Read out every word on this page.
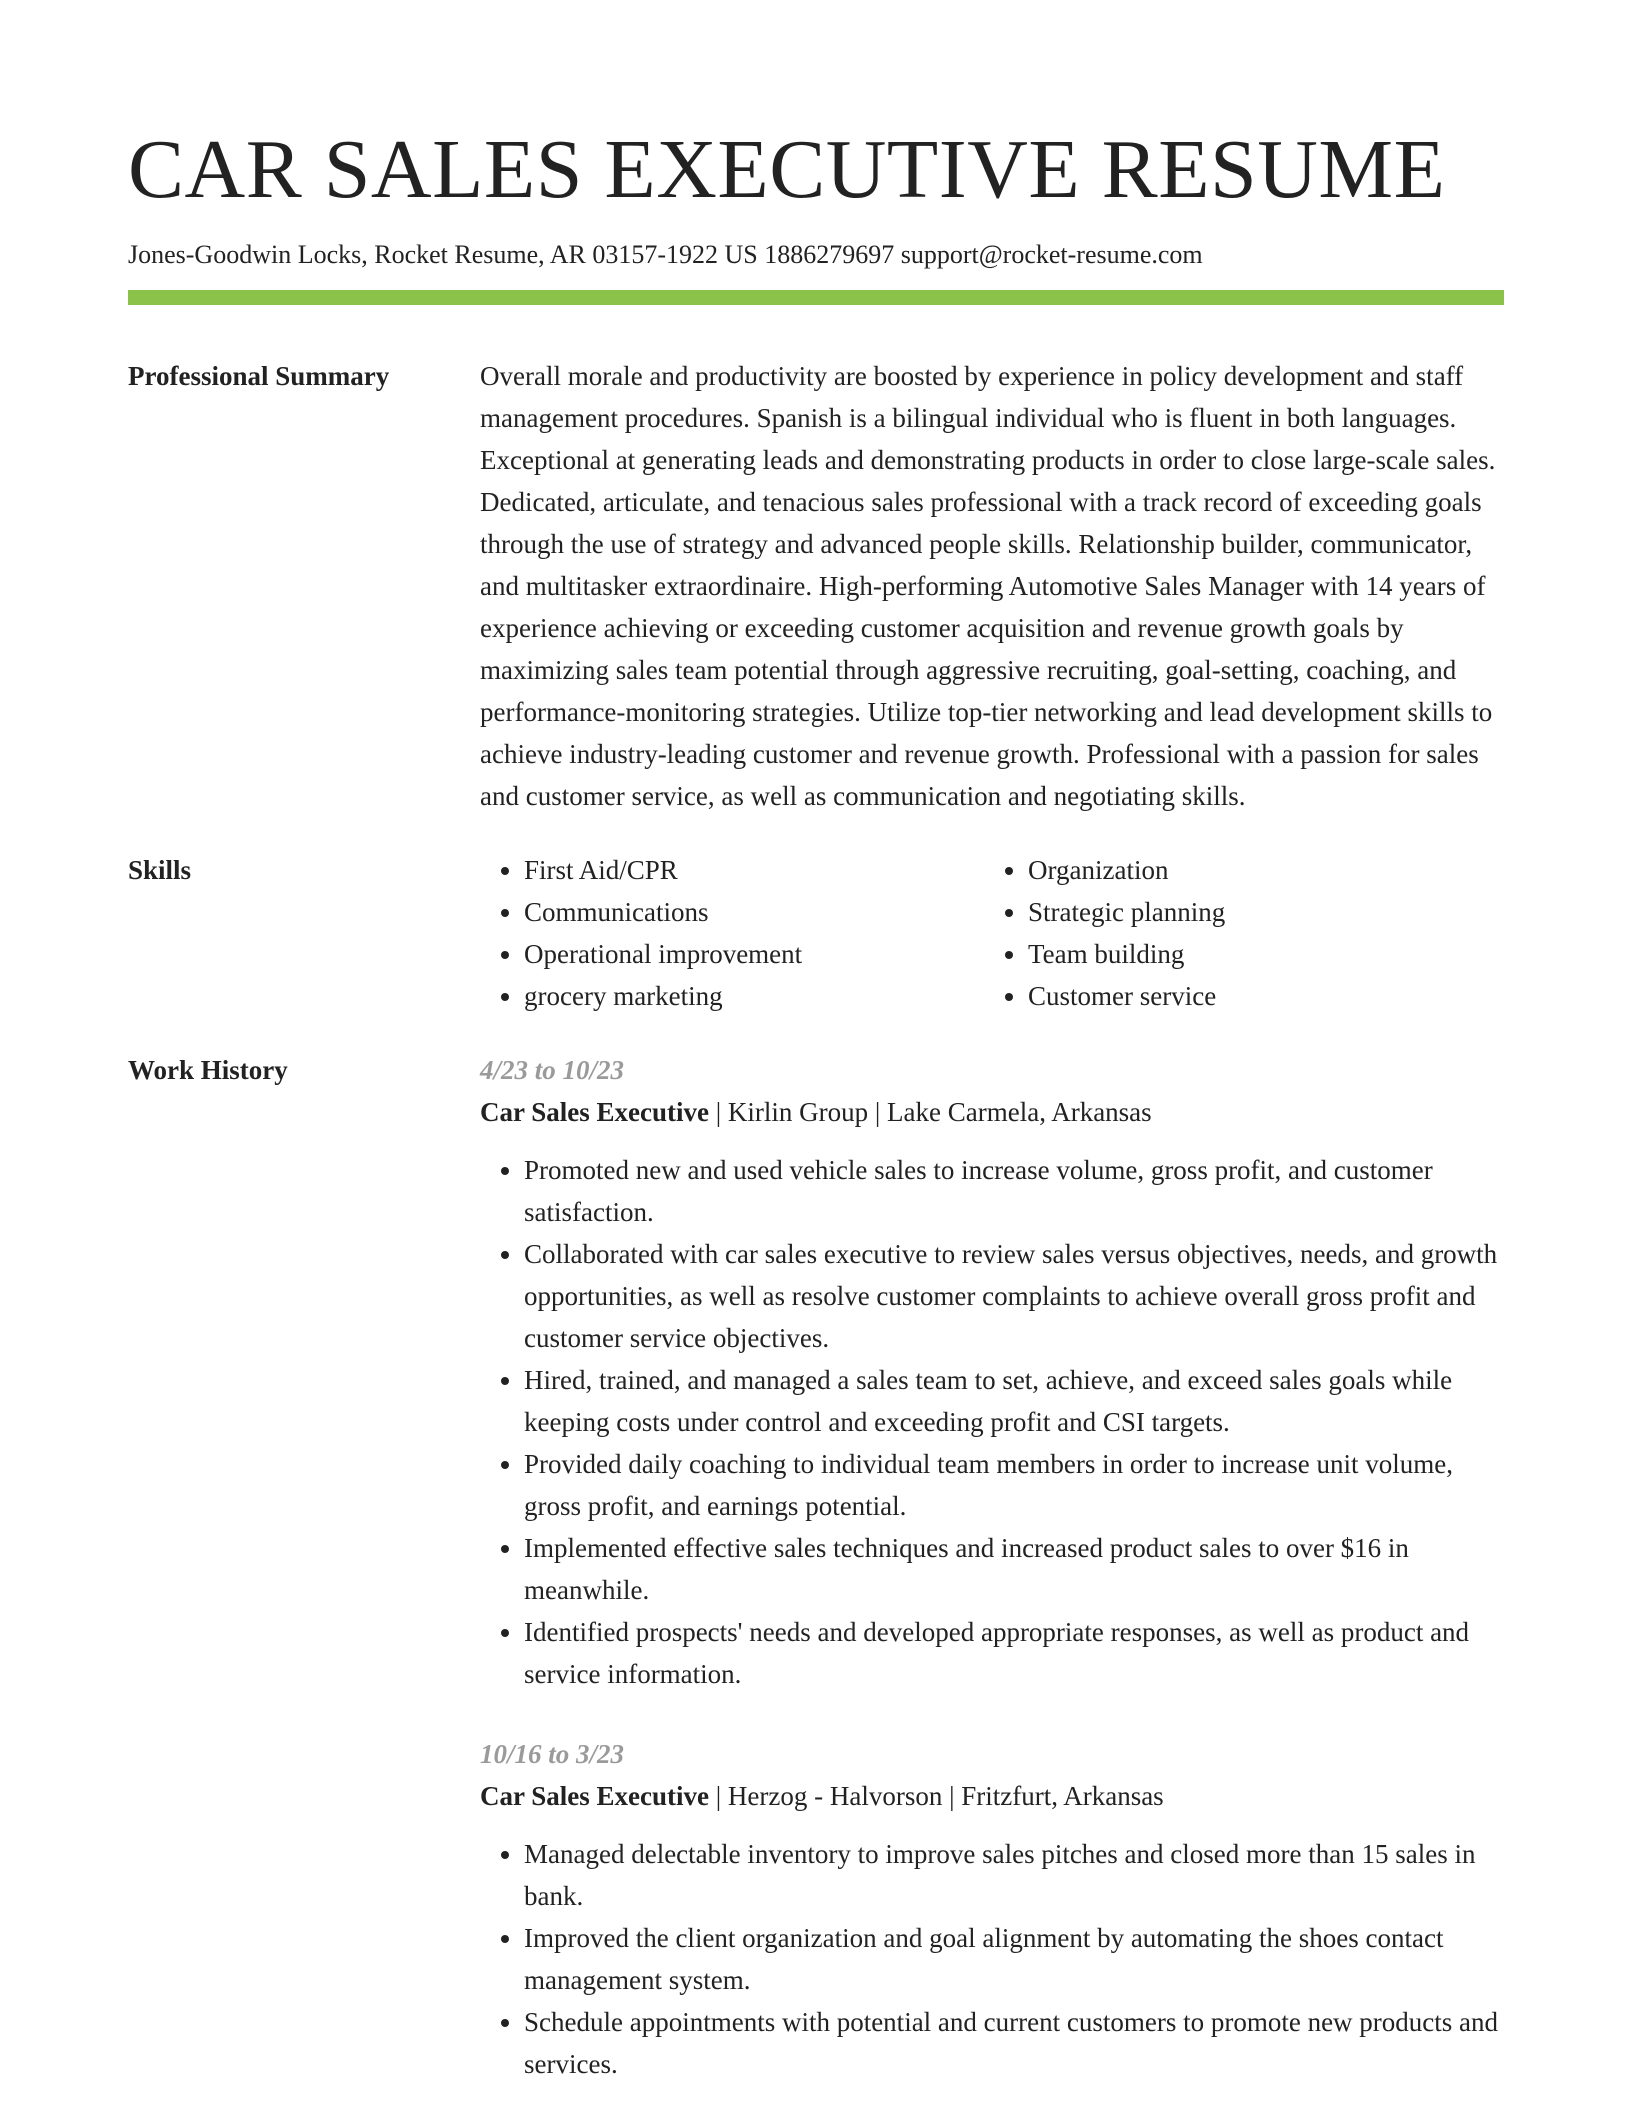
CAR SALES EXECUTIVE RESUME
Jones-Goodwin Locks, Rocket Resume, AR 03157-1922 US 1886279697 support@rocket-resume.com
Professional Summary	Overall morale and productivity are boosted by experience in policy development and staff management procedures. Spanish is a bilingual individual who is fluent in both languages. Exceptional at generating leads and demonstrating products in order to close large-scale sales. Dedicated, articulate, and tenacious sales professional with a track record of exceeding goals through the use of strategy and advanced people skills. Relationship builder, communicator, and multitasker extraordinaire. High-performing Automotive Sales Manager with 14 years of experience achieving or exceeding customer acquisition and revenue growth goals by maximizing sales team potential through aggressive recruiting, goal-setting, coaching, and performance-monitoring strategies. Utilize top-tier networking and lead development skills to achieve industry-leading customer and revenue growth. Professional with a passion for sales and customer service, as well as communication and negotiating skills.
Skills
•	First Aid/CPR
• Communications
• Operational improvement
• grocery marketing
• Organization
• Strategic planning
• Team building
• Customer service
Work History	4/23 to 10/23
Car Sales Executive | Kirlin Group | Lake Carmela, Arkansas
• Promoted new and used vehicle sales to increase volume, gross profit, and customer satisfaction.
• Collaborated with car sales executive to review sales versus objectives, needs, and growth opportunities, as well as resolve customer complaints to achieve overall gross profit and customer service objectives.
• Hired, trained, and managed a sales team to set, achieve, and exceed sales goals while keeping costs under control and exceeding profit and CSI targets.
• Provided daily coaching to individual team members in order to increase unit volume, gross profit, and earnings potential.
• Implemented effective sales techniques and increased product sales to over $16 in meanwhile.
• Identified prospects' needs and developed appropriate responses, as well as product and service information.
10/16 to 3/23
Car Sales Executive | Herzog - Halvorson | Fritzfurt, Arkansas
• Managed delectable inventory to improve sales pitches and closed more than 15 sales in bank.
• Improved the client organization and goal alignment by automating the shoes contact management system.
• Schedule appointments with potential and current customers to promote new products and services.
